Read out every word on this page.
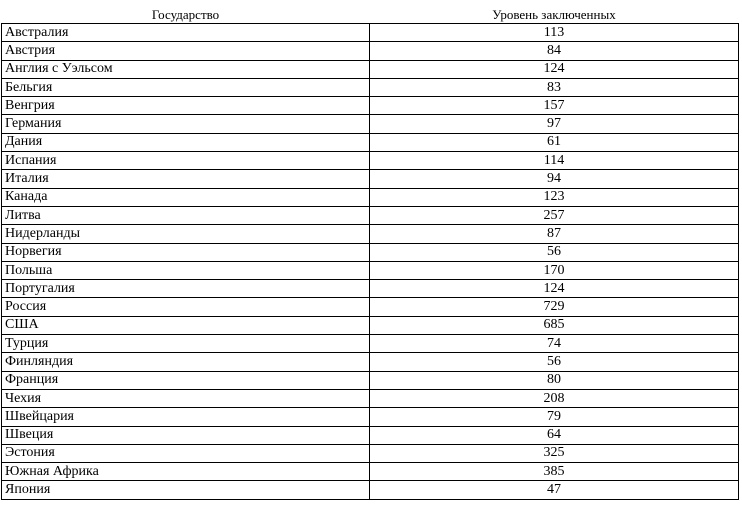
Государство	Уровень заключенных
Австралия	113
Австрия	84
Англия с Уэльсом	124
Бельгия	83
Венгрия	157
Германия	97
Дания	61
Испания	114
Италия	94
Канада	123
Литва	257
Нидерланды	87
Норвегия	56
Польша	170
Португалия	124
Россия	729
США	685
Турция	74
Финляндия	56
Франция	80
Чехия	208
Швейцария	79
Швеция	64
Эстония	325
Южная Африка	385
Япония	47
